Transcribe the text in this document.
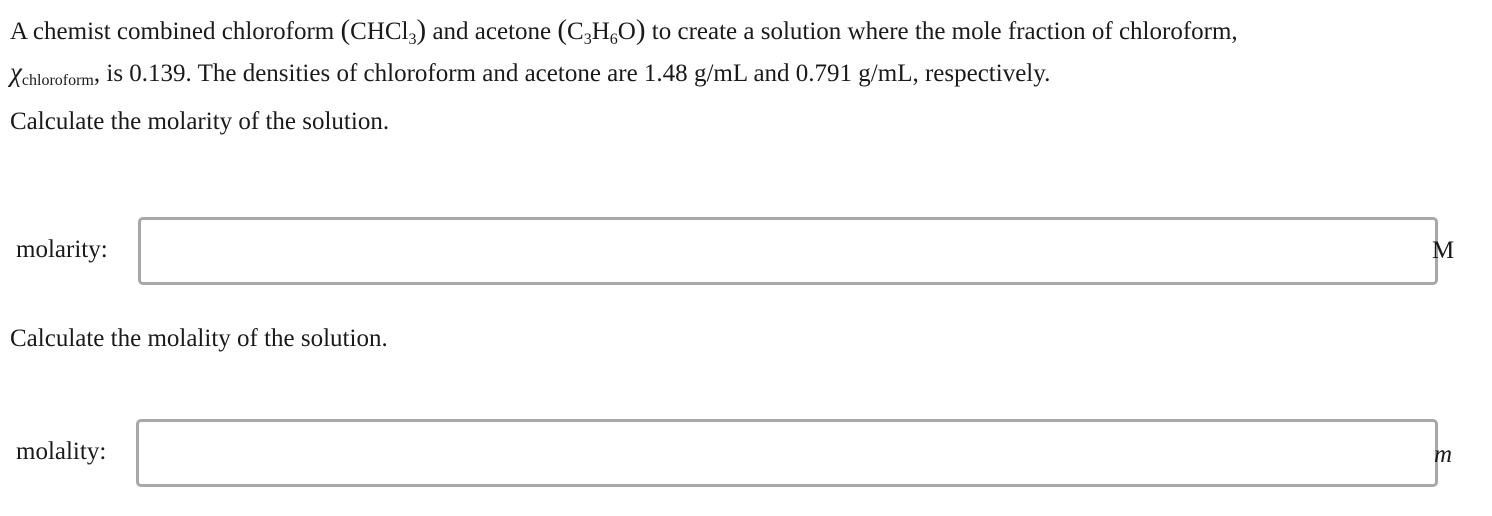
A chemist combined chloroform (CHCl$_3$) and acetone $(C_3H_6O)$ to create a solution where the mole fraction of chloroform,
$\chi_{chloroform}$, is 0.139. The densities of chloroform and acetone are 1.48 g/mL and 0.791 g/mL, respectively.

Calculate the molarity of the solution.

molarity:	M

Calculate the molality of the solution.

molality:	m
